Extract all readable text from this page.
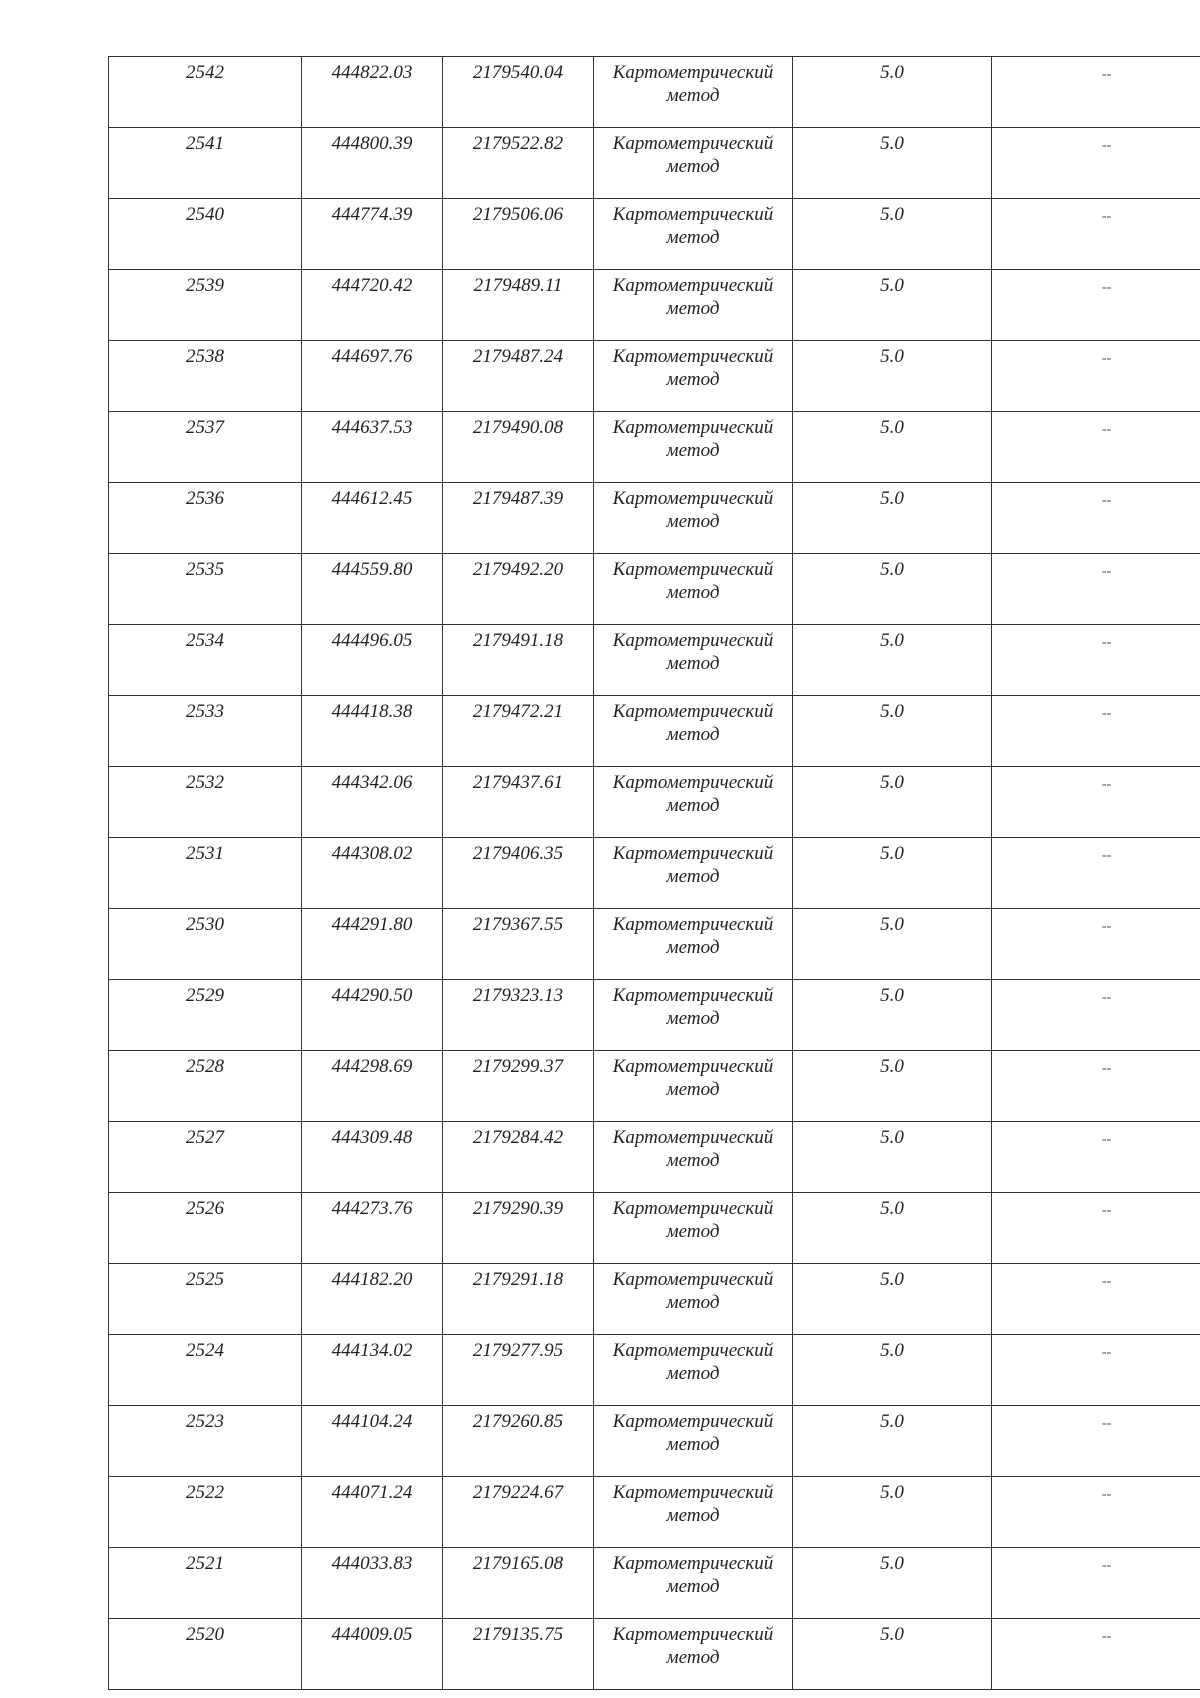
2542	444822.03	2179540.04	Картометрический метод	5.0	--
2541	444800.39	2179522.82	Картометрический метод	5.0	--
2540	444774.39	2179506.06	Картометрический метод	5.0	--
2539	444720.42	2179489.11	Картометрический метод	5.0	--
2538	444697.76	2179487.24	Картометрический метод	5.0	--
2537	444637.53	2179490.08	Картометрический метод	5.0	--
2536	444612.45	2179487.39	Картометрический метод	5.0	--
2535	444559.80	2179492.20	Картометрический метод	5.0	--
2534	444496.05	2179491.18	Картометрический метод	5.0	--
2533	444418.38	2179472.21	Картометрический метод	5.0	--
2532	444342.06	2179437.61	Картометрический метод	5.0	--
2531	444308.02	2179406.35	Картометрический метод	5.0	--
2530	444291.80	2179367.55	Картометрический метод	5.0	--
2529	444290.50	2179323.13	Картометрический метод	5.0	--
2528	444298.69	2179299.37	Картометрический метод	5.0	--
2527	444309.48	2179284.42	Картометрический метод	5.0	--
2526	444273.76	2179290.39	Картометрический метод	5.0	--
2525	444182.20	2179291.18	Картометрический метод	5.0	--
2524	444134.02	2179277.95	Картометрический метод	5.0	--
2523	444104.24	2179260.85	Картометрический метод	5.0	--
2522	444071.24	2179224.67	Картометрический метод	5.0	--
2521	444033.83	2179165.08	Картометрический метод	5.0	--
2520	444009.05	2179135.75	Картометрический метод	5.0	--
